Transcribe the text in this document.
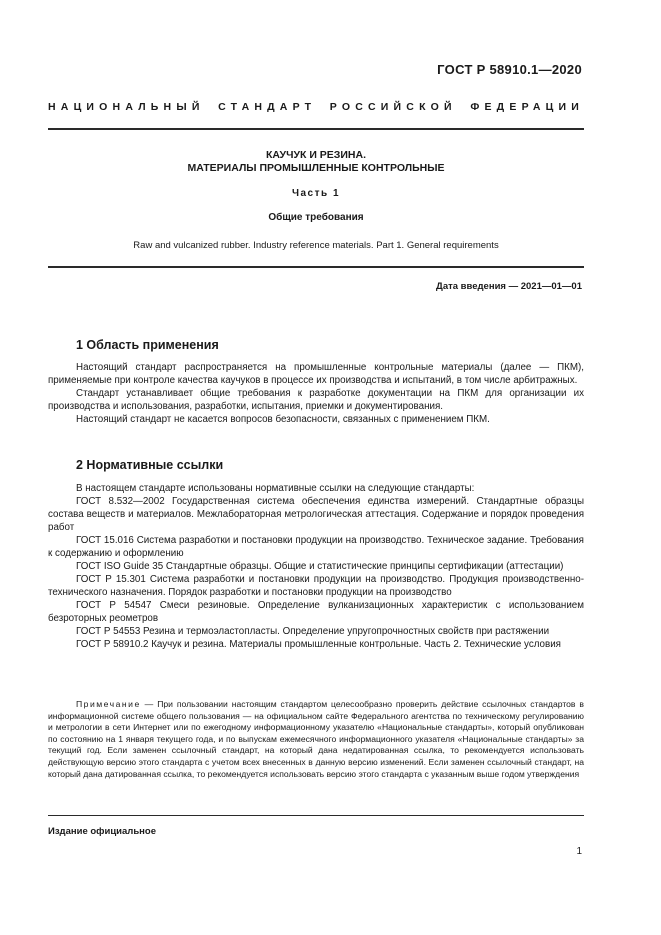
ГОСТ Р 58910.1—2020
НАЦИОНАЛЬНЫЙ СТАНДАРТ РОССИЙСКОЙ ФЕДЕРАЦИИ
КАУЧУК И РЕЗИНА.
МАТЕРИАЛЫ ПРОМЫШЛЕННЫЕ КОНТРОЛЬНЫЕ
Часть 1
Общие требования
Raw and vulcanized rubber. Industry reference materials. Part 1. General requirements
Дата введения — 2021—01—01
1 Область применения

Настоящий стандарт распространяется на промышленные контрольные материалы (далее — ПКМ), применяемые при контроле качества каучуков в процессе их производства и испытаний, в том числе арбитражных.

Стандарт устанавливает общие требования к разработке документации на ПКМ для организации их производства и использования, разработки, испытания, приемки и документирования.

Настоящий стандарт не касается вопросов безопасности, связанных с применением ПКМ.

2 Нормативные ссылки

В настоящем стандарте использованы нормативные ссылки на следующие стандарты:

ГОСТ 8.532—2002 Государственная система обеспечения единства измерений. Стандартные образцы состава веществ и материалов. Межлабораторная метрологическая аттестация. Содержание и порядок проведения работ

ГОСТ 15.016 Система разработки и постановки продукции на производство. Техническое задание. Требования к содержанию и оформлению

ГОСТ ISO Guide 35 Стандартные образцы. Общие и статистические принципы сертификации (аттестации)

ГОСТ Р 15.301 Система разработки и постановки продукции на производство. Продукция производственно-технического назначения. Порядок разработки и постановки продукции на производство

ГОСТ Р 54547 Смеси резиновые. Определение вулканизационных характеристик с использованием безроторных реометров

ГОСТ Р 54553 Резина и термоэластопласты. Определение упругопрочностных свойств при растяжении

ГОСТ Р 58910.2 Каучук и резина. Материалы промышленные контрольные. Часть 2. Технические условия

Примечание — При пользовании настоящим стандартом целесообразно проверить действие ссылочных стандартов в информационной системе общего пользования — на официальном сайте Федерального агентства по техническому регулированию и метрологии в сети Интернет или по ежегодному информационному указателю «Национальные стандарты», который опубликован по состоянию на 1 января текущего года, и по выпускам ежемесячного информационного указателя «Национальные стандарты» за текущий год. Если заменен ссылочный стандарт, на который дана недатированная ссылка, то рекомендуется использовать действующую версию этого стандарта с учетом всех внесенных в данную версию изменений. Если заменен ссылочный стандарт, на который дана датированная ссылка, то рекомендуется использовать версию этого стандарта с указанным выше годом утверждения
Издание официальное
1
